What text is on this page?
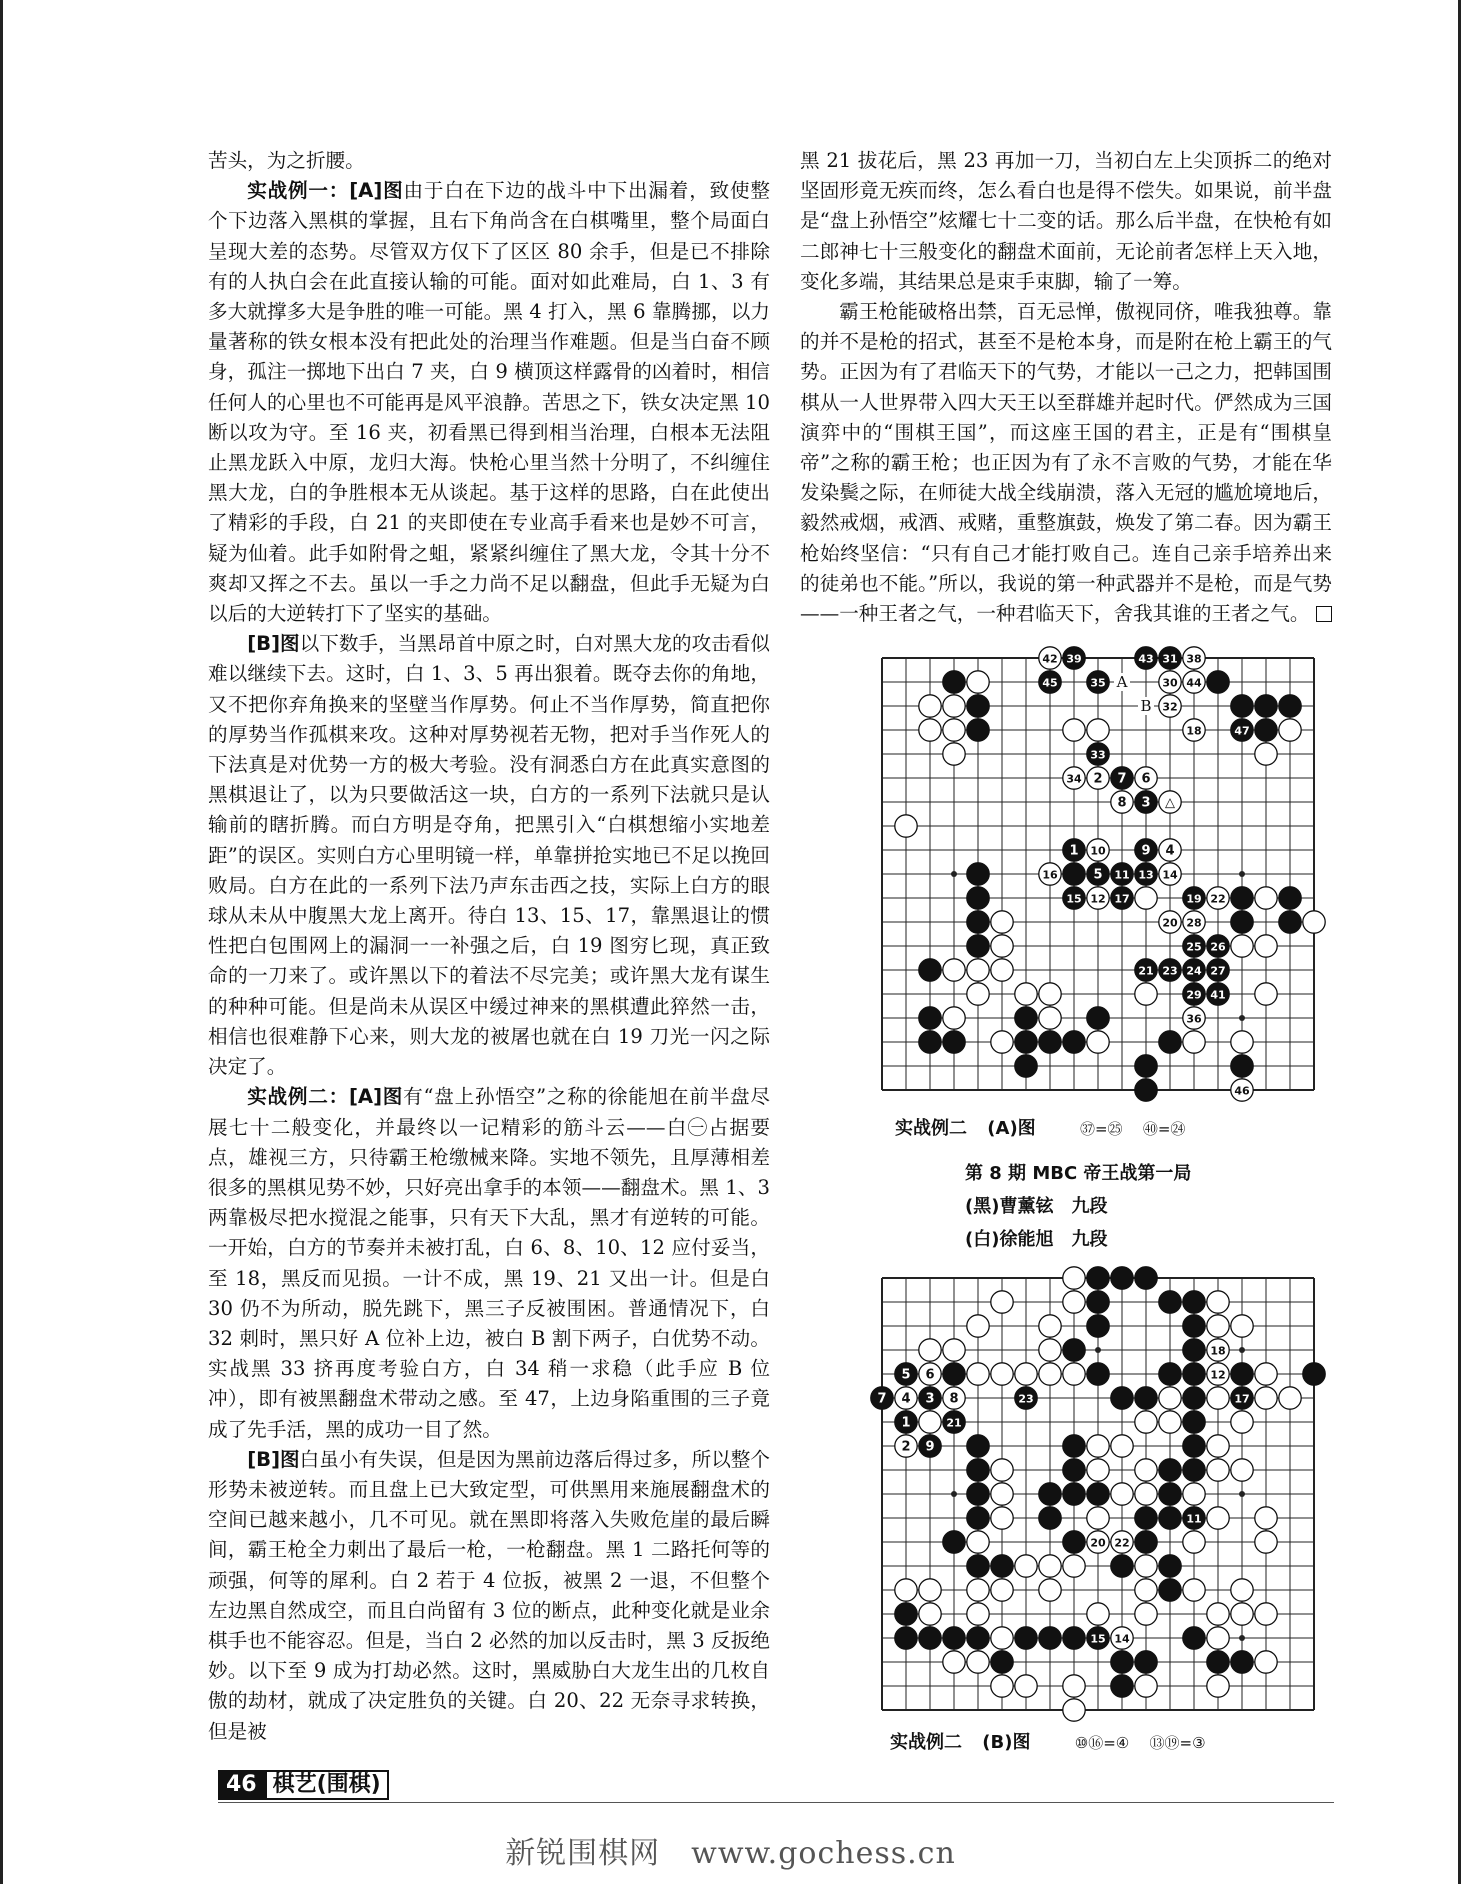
苦头，为之折腰。

实战例一：[A]图由于白在下边的战斗中下出漏着，致使整个下边落入黑棋的掌握，且右下角尚含在白棋嘴里，整个局面白呈现大差的态势。尽管双方仅下了区区 80 余手，但是已不排除有的人执白会在此直接认输的可能。面对如此难局，白 1、3 有多大就撑多大是争胜的唯一可能。黑 4 打入，黑 6 靠腾挪，以力量著称的铁女根本没有把此处的治理当作难题。但是当白奋不顾身，孤注一掷地下出白 7 夹，白 9 横顶这样露骨的凶着时，相信任何人的心里也不可能再是风平浪静。苦思之下，铁女决定黑 10 断以攻为守。至 16 夹，初看黑已得到相当治理，白根本无法阻止黑龙跃入中原，龙归大海。快枪心里当然十分明了，不纠缠住黑大龙，白的争胜根本无从谈起。基于这样的思路，白在此使出了精彩的手段，白 21 的夹即使在专业高手看来也是妙不可言，疑为仙着。此手如附骨之蛆，紧紧纠缠住了黑大龙，令其十分不爽却又挥之不去。虽以一手之力尚不足以翻盘，但此手无疑为白以后的大逆转打下了坚实的基础。

[B]图以下数手，当黑昂首中原之时，白对黑大龙的攻击看似难以继续下去。这时，白 1、3、5 再出狠着。既夺去你的角地，又不把你弃角换来的坚壁当作厚势。何止不当作厚势，简直把你的厚势当作孤棋来攻。这种对厚势视若无物，把对手当作死人的下法真是对优势一方的极大考验。没有洞悉白方在此真实意图的黑棋退让了，以为只要做活这一块，白方的一系列下法就只是认输前的瞎折腾。而白方明是夺角，把黑引入“白棋想缩小实地差距”的误区。实则白方心里明镜一样，单靠拼抢实地已不足以挽回败局。白方在此的一系列下法乃声东击西之技，实际上白方的眼球从未从中腹黑大龙上离开。待白 13、15、17，靠黑退让的惯性把白包围网上的漏洞一一补强之后，白 19 图穷匕现，真正致命的一刀来了。或许黑以下的着法不尽完美；或许黑大龙有谋生的种种可能。但是尚未从误区中缓过神来的黑棋遭此猝然一击，相信也很难静下心来，则大龙的被屠也就在白 19 刀光一闪之际决定了。

实战例二：[A]图有“盘上孙悟空”之称的徐能旭在前半盘尽展七十二般变化，并最终以一记精彩的筋斗云——白㊀占据要点，雄视三方，只待霸王枪缴械来降。实地不领先，且厚薄相差很多的黑棋见势不妙，只好亮出拿手的本领——翻盘术。黑 1、3 两靠极尽把水搅混之能事，只有天下大乱，黑才有逆转的可能。一开始，白方的节奏并未被打乱，白 6、8、10、12 应付妥当，至 18，黑反而见损。一计不成，黑 19、21 又出一计。但是白 30 仍不为所动，脱先跳下，黑三子反被围困。普通情况下，白 32 刺时，黑只好 A 位补上边，被白 B 割下两子，白优势不动。实战黑 33 挤再度考验白方，白 34 稍一求稳（此手应 B 位冲），即有被黑翻盘术带动之感。至 47，上边身陷重围的三子竟成了先手活，黑的成功一目了然。

[B]图白虽小有失误，但是因为黑前边落后得过多，所以整个形势未被逆转。而且盘上已大致定型，可供黑用来施展翻盘术的空间已越来越小，几不可见。就在黑即将落入失败危崖的最后瞬间，霸王枪全力刺出了最后一枪，一枪翻盘。黑 1 二路托何等的顽强，何等的犀利。白 2 若于 4 位扳，被黑 2 一退，不但整个左边黑自然成空，而且白尚留有 3 位的断点，此种变化就是业余棋手也不能容忍。但是，当白 2 必然的加以反击时，黑 3 反扳绝妙。以下至 9 成为打劫必然。这时，黑威胁白大龙生出的几枚自傲的劫材，就成了决定胜负的关键。白 20、22 无奈寻求转换，但是被

黑 21 拔花后，黑 23 再加一刀，当初白左上尖顶拆二的绝对坚固形竟无疾而终，怎么看白也是得不偿失。如果说，前半盘是“盘上孙悟空”炫耀七十二变的话。那么后半盘，在快枪有如二郎神七十三般变化的翻盘术面前，无论前者怎样上天入地，变化多端，其结果总是束手束脚，输了一筹。

霸王枪能破格出禁，百无忌惮，傲视同侪，唯我独尊。靠的并不是枪的招式，甚至不是枪本身，而是附在枪上霸王的气势。正因为有了君临天下的气势，才能以一己之力，把韩国围棋从一人世界带入四大天王以至群雄并起时代。俨然成为三国演弈中的“围棋王国”，而这座王国的君主，正是有“围棋皇帝”之称的霸王枪；也正因为有了永不言败的气势，才能在华发染鬓之际，在师徒大战全线崩溃，落入无冠的尴尬境地后，毅然戒烟，戒酒、戒赌，重整旗鼓，焕发了第二春。因为霸王枪始终坚信：“只有自己才能打败自己。连自己亲手培养出来的徒弟也不能。”所以，我说的第一种武器并不是枪，而是气势——一种王者之气，一种君临天下，舍我其谁的王者之气。

42 39	43 31 38
45	35	30 44
32
18	47
33
34 2 7 6
8 3 △
1 10	9 4
16	5 11 13 14
15 12 17	19 22
20 28
25 26
21 23 24 27
29 41
36
46
A
B
实战例二 (A)图	㊲=㉕ ㊵=㉔
第 8 期 MBC 帝王战第一局
(黑)曹薰铉　九段
(白)徐能旭　九段
18
5 6	12
7 4 3 8	23	17
1	21
2 9
11
20 22
15 14
实战例二 (B)图	⑩⑯=④ ⑬⑲=③
46 棋艺(围棋)
新锐围棋网　www.gochess.cn
